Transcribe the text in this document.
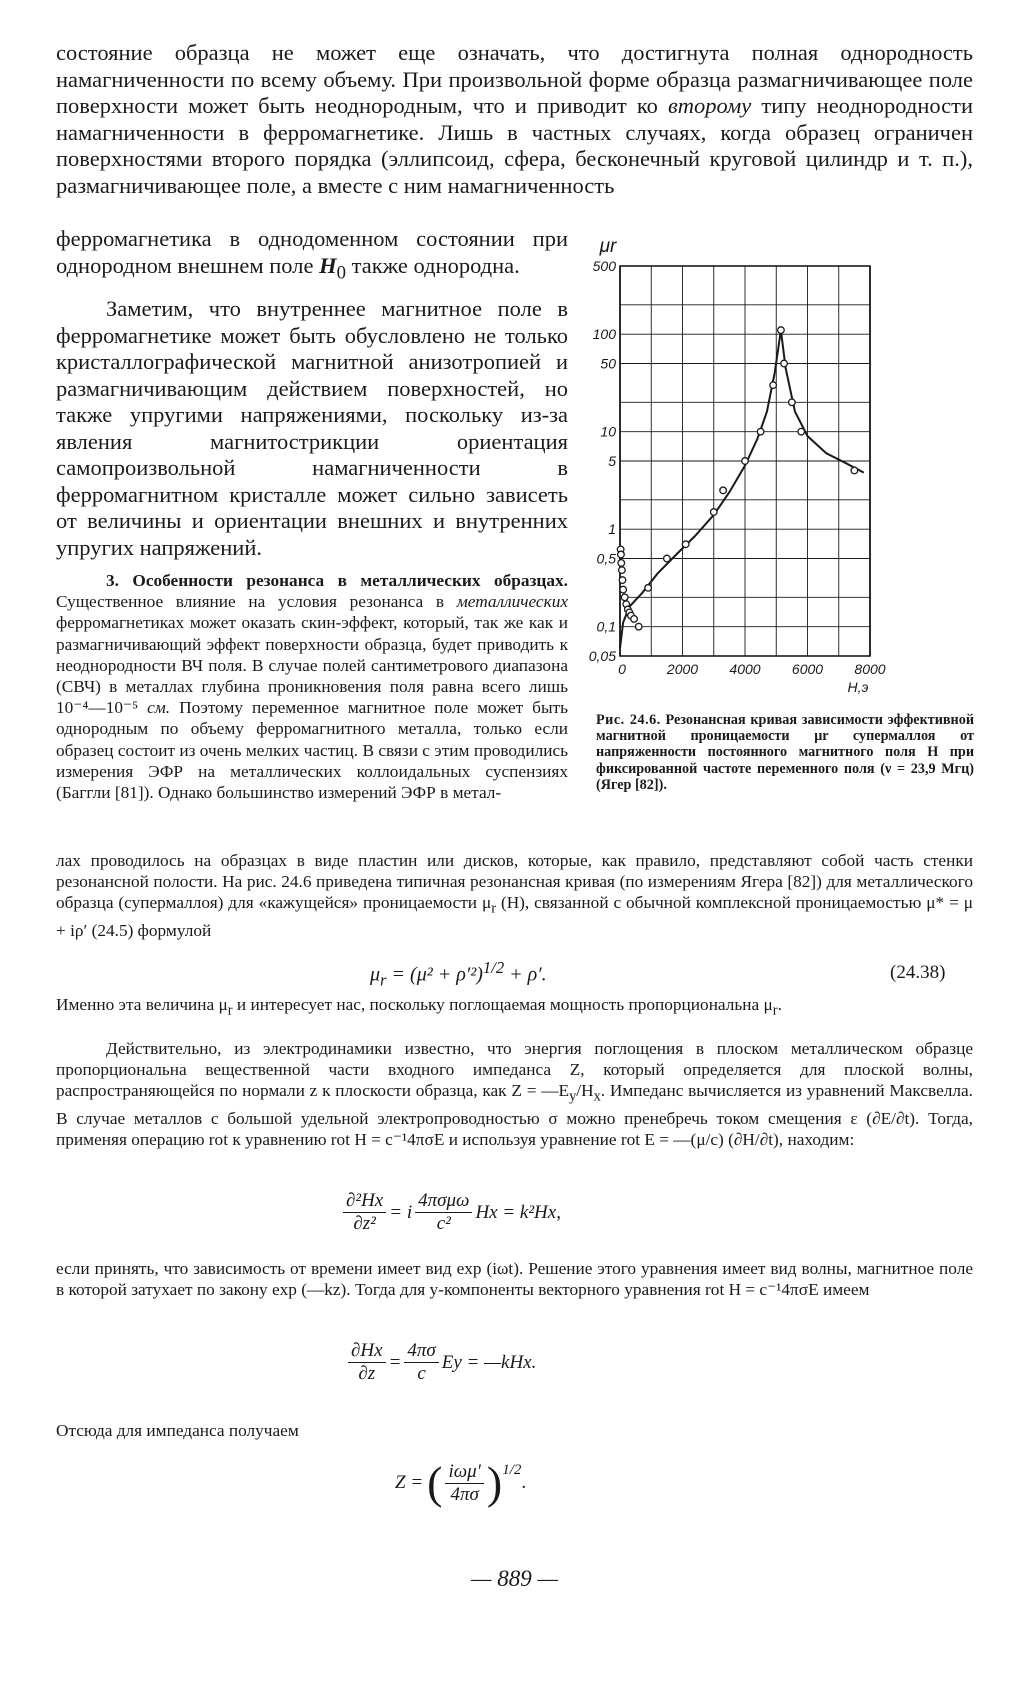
состояние образца не может еще означать, что достигнута полная однородность намагниченности по всему объему. При произвольной форме образца размагничивающее поле поверхности может быть неоднородным, что и приводит ко второму типу неоднородности намагниченности в ферромагнетике. Лишь в частных случаях, когда образец ограничен поверхностями второго порядка (эллипсоид, сфера, бесконечный круговой цилиндр и т. п.), размагничивающее поле, а вместе с ним намагниченность
ферромагнетика в однодоменном состоянии при однородном внешнем поле $H_0$ также однородна.
Заметим, что внутреннее магнитное поле в ферромагнетике может быть обусловлено не только кристаллографической магнитной анизотропией и размагничивающим действием поверхностей, но также упругими напряжениями, поскольку из-за явления магнитострикции ориентация самопроизвольной намагниченности в ферромагнитном кристалле может сильно зависеть от величины и ориентации внешних и внутренних упругих напряжений.
3. Особенности резонанса в металлических образцах. Существенное влияние на условия резонанса в металлических ферромагнетиках может оказать скин-эффект, который, так же как и размагничивающий эффект поверхности образца, будет приводить к неоднородности ВЧ поля. В случае полей сантиметрового диапазона (СВЧ) в металлах глубина проникновения поля равна всего лишь 10⁻⁴—10⁻⁵ см. Поэтому переменное магнитное поле может быть однородным по объему ферромагнитного металла, только если образец состоит из очень мелких частиц. В связи с этим проводились измерения ЭФР на металлических коллоидальных суспензиях (Баггли [81]). Однако большинство измерений ЭФР в метал-
0,05
0,1
0,5
1
5
10
50
100
500
0	2000 4000 6000 8000
μr
H,э
Рис. 24.6. Резонансная кривая зависимости эффективной магнитной проницаемости μr супермаллоя от напряженности постоянного магнитного поля H при фиксированной частоте переменного поля (ν = 23,9 Мгц) (Ягер [82]).
лах проводилось на образцах в виде пластин или дисков, которые, как правило, представляют собой часть стенки резонансной полости. На рис. 24.6 приведена типичная резонансная кривая (по измерениям Ягера [82]) для металлического образца (супермаллоя) для «кажущейся» проницаемости $\mu_r$ (H), связанной с обычной комплексной проницаемостью μ* = μ + iρ′ (24.5) формулой
$\mu_r = (\mu^2 + \rho'^2)^{1/2} + \rho'$.	(24.38)
Именно эта величина $\mu_r$ и интересует нас, поскольку поглощаемая мощность пропорциональна $\mu_r$.
Действительно, из электродинамики известно, что энергия поглощения в плоском металлическом образце пропорциональна вещественной части входного импеданса Z, который определяется для плоской волны, распространяющейся по нормали z к плоскости образца, как $Z = —E_y/H_x$. Импеданс вычисляется из уравнений Максвелла. В случае металлов с большой удельной электропроводностью σ можно пренебречь током смещения ε (∂E/∂t). Тогда, применяя операцию rot к уравнению rot H = c⁻¹4πσE и используя уравнение rot E = —(μ/c) (∂H/∂t), находим:
$\frac{\text{∂²Hx}}{\text{∂z²}} = i \frac{\text{4πσμω}}{\text{c²}}$ Hx = k²Hx,
если принять, что зависимость от времени имеет вид exp (iωt). Решение этого уравнения имеет вид волны, магнитное поле в которой затухает по закону exp (—kz). Тогда для y-компоненты векторного уравнения rot H = c⁻¹4πσE имеем
$\frac{\partial Hx}{\partial z} = \frac{4\pi\sigma}{c}$ Ey = —kHx.
Отсюда для импеданса получаем
Z = ( $\frac{\text{iωμ′}}{4\pi\sigma} )^{1/2}$
.
— 889 —
